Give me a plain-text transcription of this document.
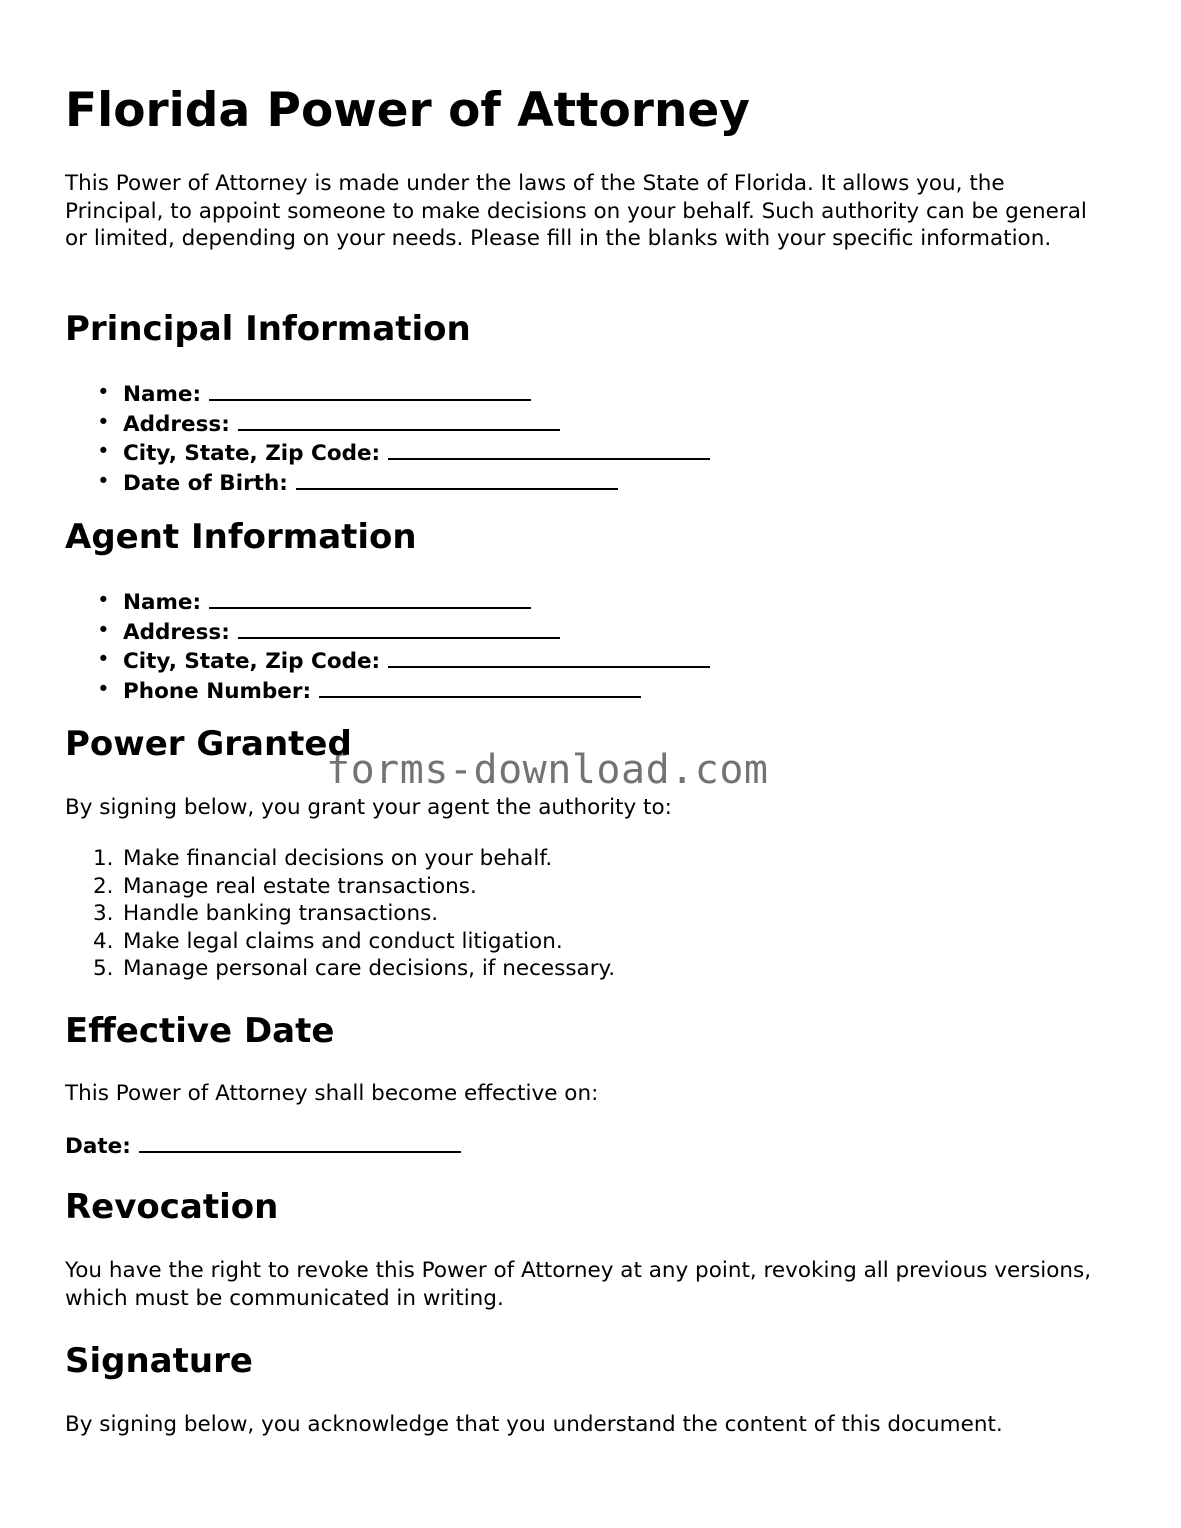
Florida Power of Attorney

This Power of Attorney is made under the laws of the State of Florida. It allows you, the Principal, to appoint someone to make decisions on your behalf. Such authority can be general or limited, depending on your needs. Please fill in the blanks with your specific information.

Principal Information
• Name:
• Address:
• City, State, Zip Code:
• Date of Birth:
Agent Information
• Name:
• Address:
• City, State, Zip Code:
• Phone Number:
Power Granted

By signing below, you grant your agent the authority to:

1. Make financial decisions on your behalf.
2. Manage real estate transactions.
3. Handle banking transactions.
4. Make legal claims and conduct litigation.
5. Manage personal care decisions, if necessary.
Effective Date

This Power of Attorney shall become effective on:

Date:

Revocation

You have the right to revoke this Power of Attorney at any point, revoking all previous versions, which must be communicated in writing.

Signature

By signing below, you acknowledge that you understand the content of this document.

forms-download.com
